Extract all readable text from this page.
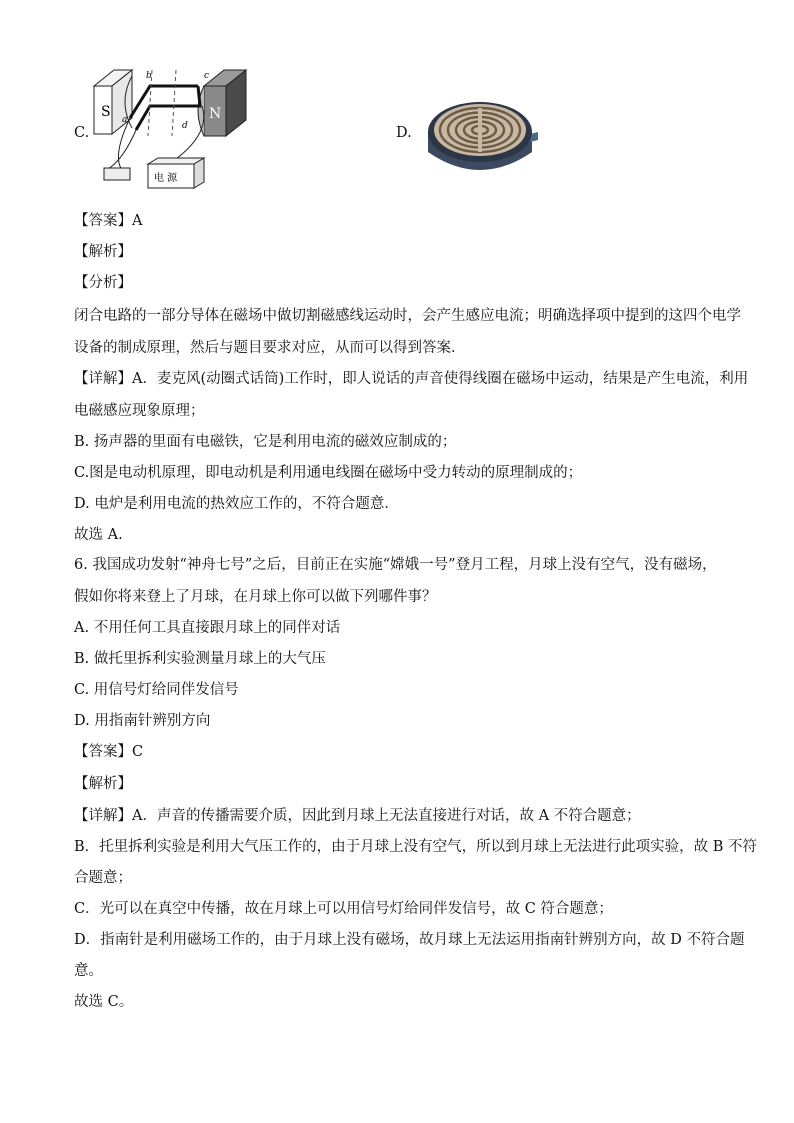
C.
S	N
a
b	c
d
电 源
D.
【答案】A
【解析】
【分析】
闭合电路的一部分导体在磁场中做切割磁感线运动时，会产生感应电流；明确选择项中提到的这四个电学
设备的制成原理，然后与题目要求对应，从而可以得到答案．
【详解】A．麦克风(动圈式话筒)工作时，即人说话的声音使得线圈在磁场中运动，结果是产生电流，利用
电磁感应现象原理；
B. 扬声器的里面有电磁铁，它是利用电流的磁效应制成的；
C.图是电动机原理，即电动机是利用通电线圈在磁场中受力转动的原理制成的；
D. 电炉是利用电流的热效应工作的，不符合题意．
故选 A.
6. 我国成功发射“神舟七号”之后，目前正在实施“嫦娥一号”登月工程，月球上没有空气，没有磁场，
假如你将来登上了月球，在月球上你可以做下列哪件事？
A. 不用任何工具直接跟月球上的同伴对话
B. 做托里拆利实验测量月球上的大气压
C. 用信号灯给同伴发信号
D. 用指南针辨别方向
【答案】C
【解析】
【详解】A．声音的传播需要介质，因此到月球上无法直接进行对话，故 A 不符合题意；
B．托里拆利实验是利用大气压工作的，由于月球上没有空气，所以到月球上无法进行此项实验，故 B 不符
合题意；
C．光可以在真空中传播，故在月球上可以用信号灯给同伴发信号，故 C 符合题意；
D．指南针是利用磁场工作的，由于月球上没有磁场，故月球上无法运用指南针辨别方向，故 D 不符合题
意。
故选 C。
